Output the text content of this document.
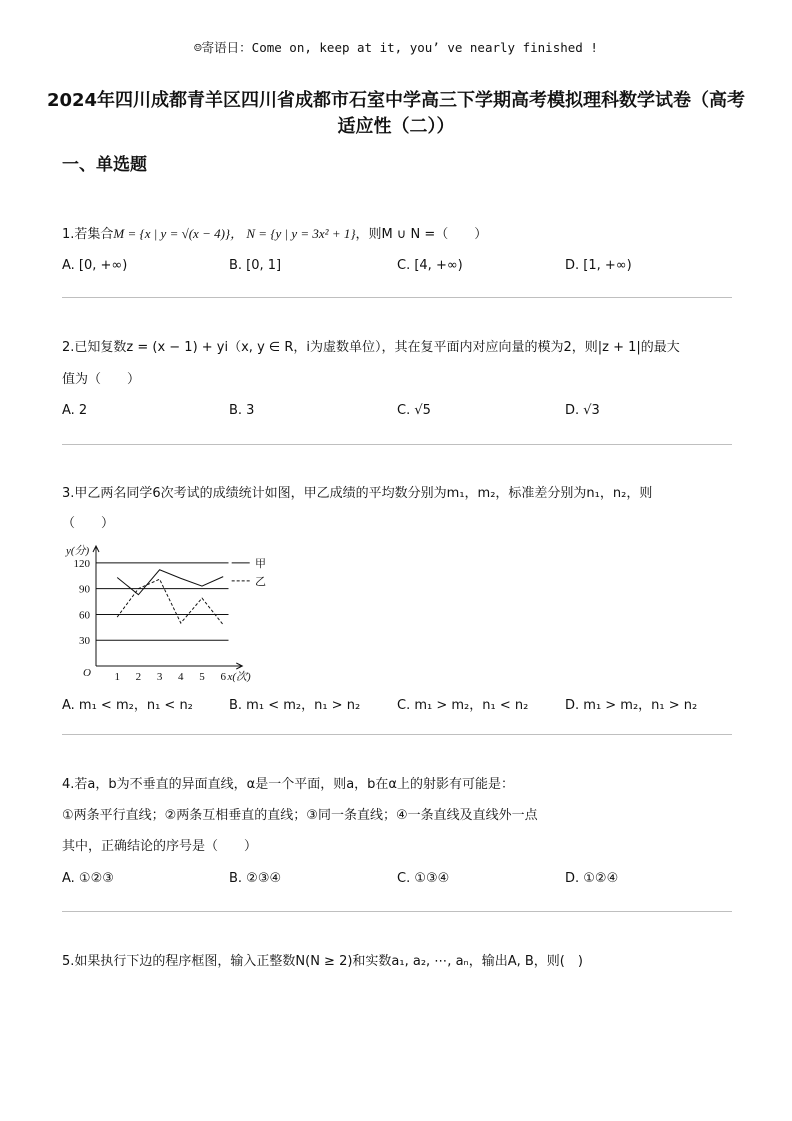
☺寄语日：Come on, keep at it, you’ ve nearly finished !
2024年四川成都青羊区四川省成都市石室中学高三下学期高考模拟理科数学试卷（高考适应性（二））
一、单选题
1.若集合M = {x | y = √(x − 4)}， N = {y | y = 3x² + 1}，则M ∪ N =（　　）
A. [0, +∞)	B. [0, 1]	C. [4, +∞)	D. [1, +∞)
2.已知复数z = (x − 1) + yi（x, y ∈ R，i为虚数单位），其在复平面内对应向量的模为2，则|z + 1|的最大
值为（　　）
A. 2	B. 3	C. √5	D. √3
3.甲乙两名同学6次考试的成绩统计如图，甲乙成绩的平均数分别为m₁，m₂，标准差分别为n₁，n₂，则
（　　）
30
60
90
120
1 2 3 4 5 6
O
y(分)
x(次)
甲
乙
A. m₁ < m₂，n₁ < n₂	B. m₁ < m₂，n₁ > n₂	C. m₁ > m₂，n₁ < n₂	D. m₁ > m₂，n₁ > n₂
4.若a，b为不垂直的异面直线，α是一个平面，则a，b在α上的射影有可能是：
①两条平行直线；②两条互相垂直的直线；③同一条直线；④一条直线及直线外一点
其中，正确结论的序号是（　　）
A. ①②③	B. ②③④	C. ①③④	D. ①②④
5.如果执行下边的程序框图，输入正整数N(N ≥ 2)和实数a₁, a₂, ⋯, aₙ，输出A, B，则(　)
